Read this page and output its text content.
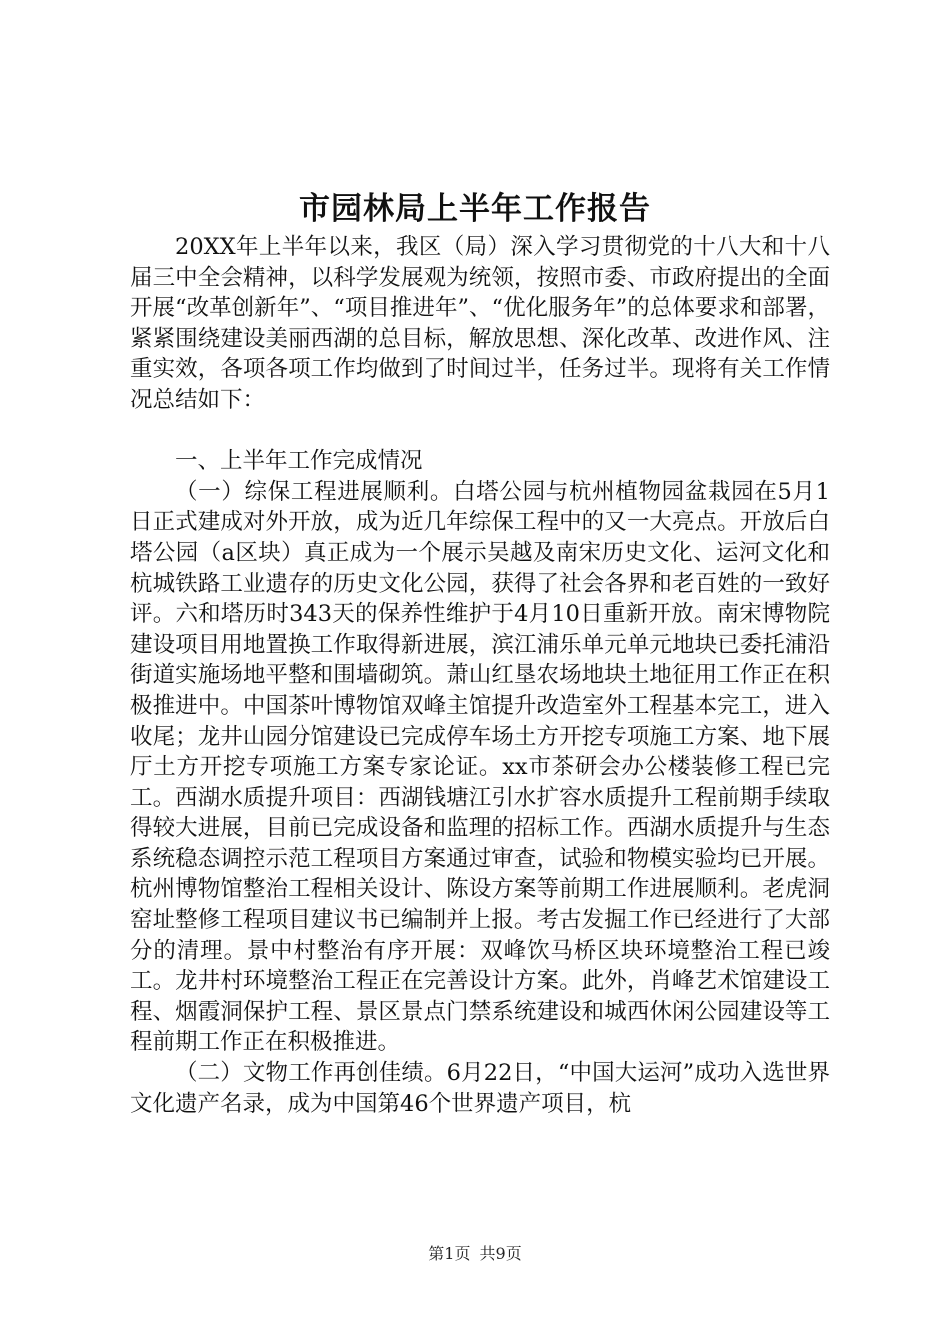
市园林局上半年工作报告

20XX年上半年以来，我区（局）深入学习贯彻党的十八大和十八届三中全会精神，以科学发展观为统领，按照市委、市政府提出的全面开展“改革创新年”、“项目推进年”、“优化服务年”的总体要求和部署，紧紧围绕建设美丽西湖的总目标，解放思想、深化改革、改进作风、注重实效，各项各项工作均做到了时间过半，任务过半。现将有关工作情况总结如下：

一、上半年工作完成情况

（一）综保工程进展顺利。白塔公园与杭州植物园盆栽园在5月1日正式建成对外开放，成为近几年综保工程中的又一大亮点。开放后白塔公园（a区块）真正成为一个展示吴越及南宋历史文化、运河文化和杭城铁路工业遗存的历史文化公园，获得了社会各界和老百姓的一致好评。六和塔历时343天的保养性维护于4月10日重新开放。南宋博物院建设项目用地置换工作取得新进展，滨江浦乐单元单元地块已委托浦沿街道实施场地平整和围墙砌筑。萧山红垦农场地块土地征用工作正在积极推进中。中国茶叶博物馆双峰主馆提升改造室外工程基本完工，进入收尾；龙井山园分馆建设已完成停车场土方开挖专项施工方案、地下展厅土方开挖专项施工方案专家论证。xx市茶研会办公楼装修工程已完工。西湖水质提升项目：西湖钱塘江引水扩容水质提升工程前期手续取得较大进展，目前已完成设备和监理的招标工作。西湖水质提升与生态系统稳态调控示范工程项目方案通过审查，试验和物模实验均已开展。杭州博物馆整治工程相关设计、陈设方案等前期工作进展顺利。老虎洞窑址整修工程项目建议书已编制并上报。考古发掘工作已经进行了大部分的清理。景中村整治有序开展：双峰饮马桥区块环境整治工程已竣工。龙井村环境整治工程正在完善设计方案。此外，肖峰艺术馆建设工程、烟霞洞保护工程、景区景点门禁系统建设和城西休闲公园建设等工程前期工作正在积极推进。

（二）文物工作再创佳绩。6月22日，“中国大运河”成功入选世界文化遗产名录，成为中国第46个世界遗产项目，杭

第1页 共9页
